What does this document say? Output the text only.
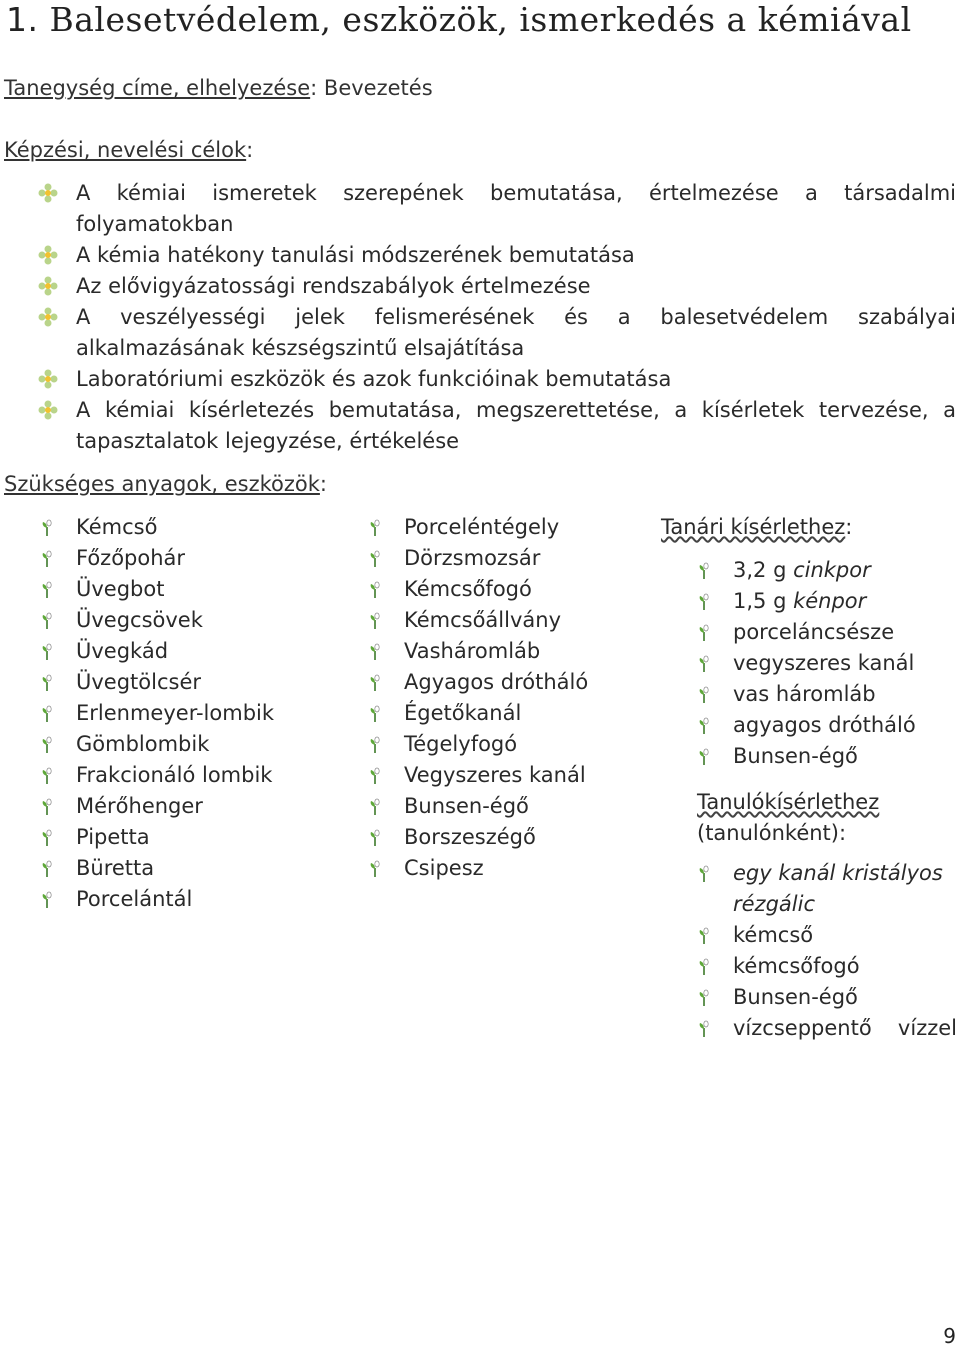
1. Balesetvédelem, eszközök, ismerkedés a kémiával
Tanegység címe, elhelyezése: Bevezetés
Képzési, nevelési célok:
A kémiai ismeretek szerepének bemutatása, értelmezése a társadalmi folyamatokban
A kémia hatékony tanulási módszerének bemutatása
Az elővigyázatossági rendszabályok értelmezése
A veszélyességi jelek felismerésének és a balesetvédelem szabályai alkalmazásának készségszintű elsajátítása
Laboratóriumi eszközök és azok funkcióinak bemutatása
A kémiai kísérletezés bemutatása, megszerettetése, a kísérletek tervezése, a tapasztalatok lejegyzése, értékelése
Szükséges anyagok, eszközök:
Tanári kísérlethez:
Tanulókísérlethez (tanulónként):
9
Kémcső
Főzőpohár
Üvegbot
Üvegcsövek
Üvegkád
Üvegtölcsér
Erlenmeyer-lombik
Gömblombik
Frakcionáló lombik
Mérőhenger
Pipetta
Büretta
Porcelántál
Porceléntégely
Dörzsmozsár
Kémcsőfogó
Kémcsőállvány
Vasháromláb
Agyagos drótháló
Égetőkanál
Tégelyfogó
Vegyszeres kanál
Bunsen-égő
Borszeszégő
Csipesz
3,2 g cinkpor
1,5 g kénpor
porceláncsésze
vegyszeres kanál
vas háromláb
agyagos drótháló
Bunsen-égő
egy kanál kristályos rézgálic
kémcső
kémcsőfogó
Bunsen-égő
vízcseppentő vízzel
